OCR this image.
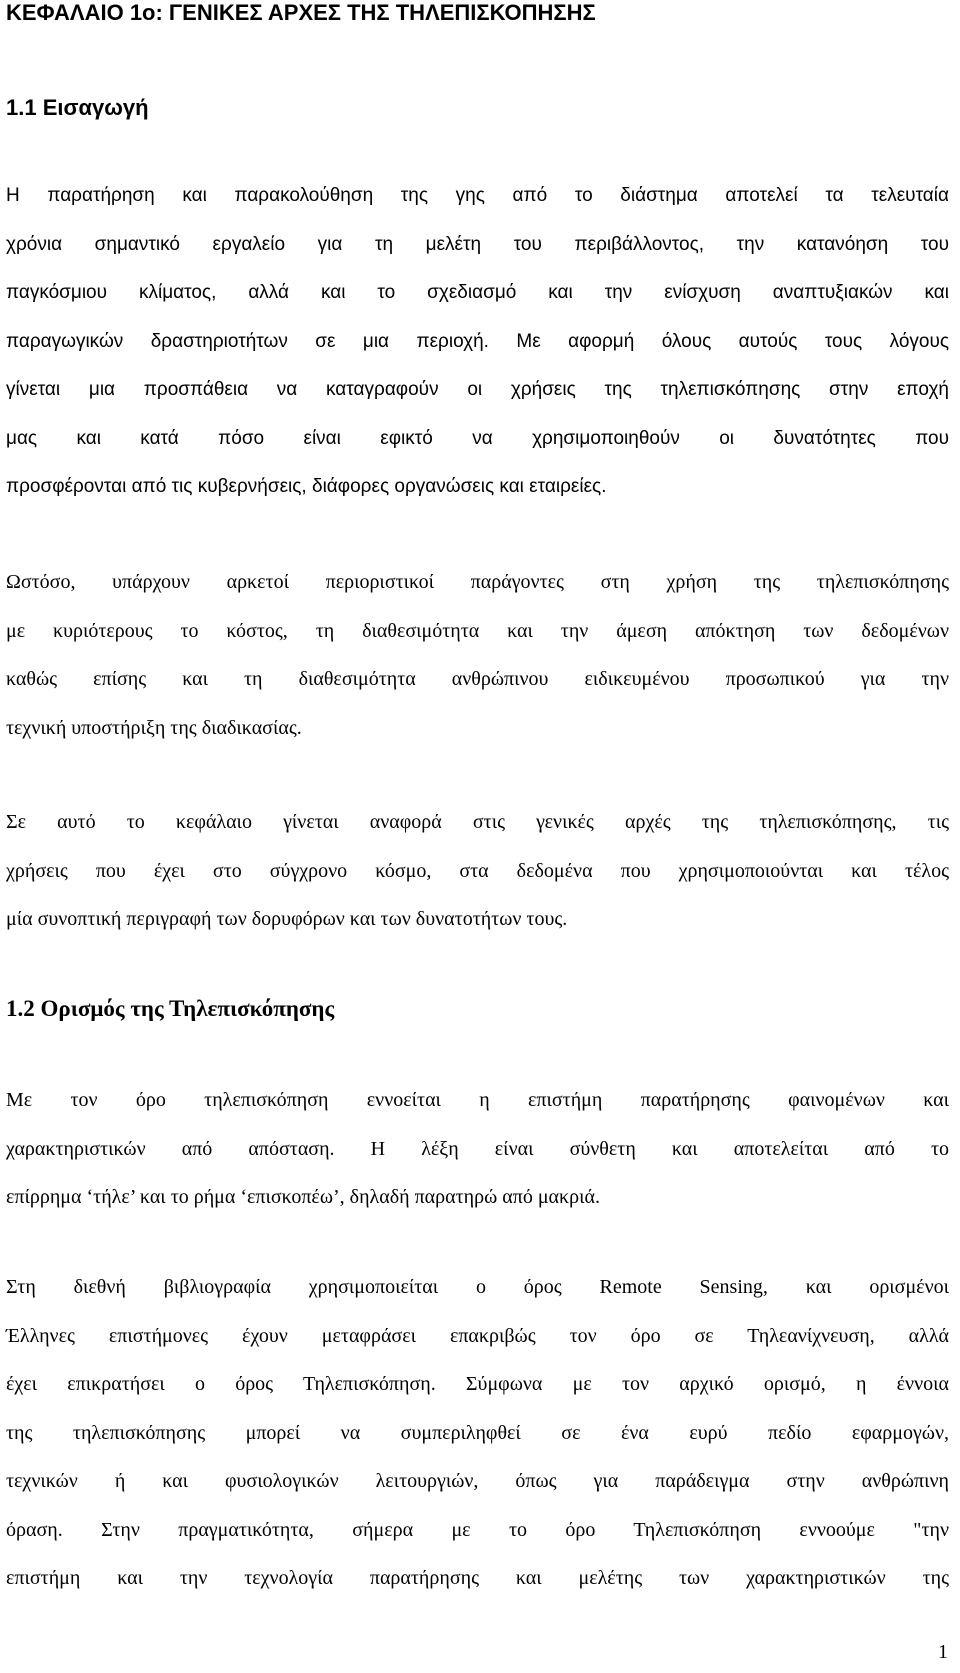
ΚΕΦΑΛΑΙΟ 1ο: ΓΕΝΙΚΕΣ ΑΡΧΕΣ ΤΗΣ ΤΗΛΕΠΙΣΚΟΠΗΣΗΣ
1.1 Εισαγωγή

Η παρατήρηση και παρακολούθηση της γης από το διάστημα αποτελεί τα τελευταία
χρόνια σημαντικό εργαλείο για τη μελέτη του περιβάλλοντος, την κατανόηση του
παγκόσμιου κλίματος, αλλά και το σχεδιασμό και την ενίσχυση αναπτυξιακών και
παραγωγικών δραστηριοτήτων σε μια περιοχή. Με αφορμή όλους αυτούς τους λόγους
γίνεται μια προσπάθεια να καταγραφούν οι χρήσεις της τηλεπισκόπησης στην εποχή
μας και κατά πόσο είναι εφικτό να χρησιμοποιηθούν οι δυνατότητες που
προσφέρονται από τις κυβερνήσεις, διάφορες οργανώσεις και εταιρείες.

Ωστόσο, υπάρχουν αρκετοί περιοριστικοί παράγοντες στη χρήση της τηλεπισκόπησης
με κυριότερους το κόστος, τη διαθεσιμότητα και την άμεση απόκτηση των δεδομένων
καθώς επίσης και τη διαθεσιμότητα ανθρώπινου ειδικευμένου προσωπικού για την
τεχνική υποστήριξη της διαδικασίας.

Σε αυτό το κεφάλαιο γίνεται αναφορά στις γενικές αρχές της τηλεπισκόπησης, τις
χρήσεις που έχει στο σύγχρονο κόσμο, στα δεδομένα που χρησιμοποιούνται και τέλος
μία συνοπτική περιγραφή των δορυφόρων και των δυνατοτήτων τους.

1.2 Ορισμός της Τηλεπισκόπησης

Με τον όρο τηλεπισκόπηση εννοείται η επιστήμη παρατήρησης φαινομένων και
χαρακτηριστικών από απόσταση. Η λέξη είναι σύνθετη και αποτελείται από το
επίρρημα ‘τήλε’ και το ρήμα ‘επισκοπέω’, δηλαδή παρατηρώ από μακριά.

Στη διεθνή βιβλιογραφία χρησιμοποιείται ο όρος Remote Sensing, και ορισμένοι
Έλληνες επιστήμονες έχουν μεταφράσει επακριβώς τον όρο σε Τηλεανίχνευση, αλλά
έχει επικρατήσει ο όρος Τηλεπισκόπηση. Σύμφωνα με τον αρχικό ορισμό, η έννοια
της τηλεπισκόπησης μπορεί να συμπεριληφθεί σε ένα ευρύ πεδίο εφαρμογών,
τεχνικών ή και φυσιολογικών λειτουργιών, όπως για παράδειγμα στην ανθρώπινη
όραση. Στην πραγματικότητα, σήμερα με το όρο Τηλεπισκόπηση εννοούμε "την
επιστήμη και την τεχνολογία παρατήρησης και μελέτης των χαρακτηριστικών της

1
